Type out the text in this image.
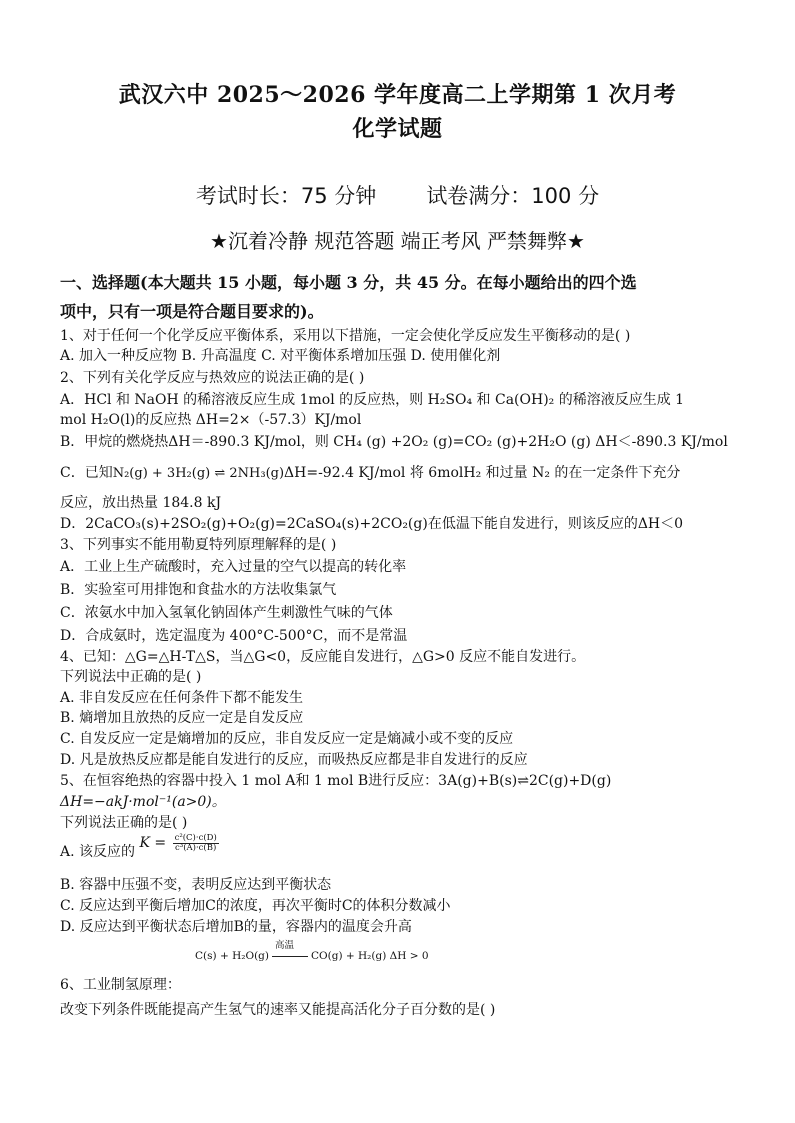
武汉六中 2025～2026 学年度高二上学期第 1 次月考
化学试题
考试时长：75 分钟 试卷满分：100 分
★沉着冷静 规范答题 端正考风 严禁舞弊★
一、选择题(本大题共 15 小题，每小题 3 分，共 45 分。在每小题给出的四个选
项中，只有一项是符合题目要求的)。
1、对于任何一个化学反应平衡体系，采用以下措施，一定会使化学反应发生平衡移动的是( )
A. 加入一种反应物 B. 升高温度 C. 对平衡体系增加压强 D. 使用催化剂
2、下列有关化学反应与热效应的说法正确的是( )
A．HCl 和 NaOH 的稀溶液反应生成 1mol 的反应热，则 H₂SO₄ 和 Ca(OH)₂ 的稀溶液反应生成 1
mol H₂O(l)的反应热 ΔH=2×（-57.3）KJ/mol
B．甲烷的燃烧热ΔH＝-890.3 KJ/mol，则 CH₄ (g) +2O₂ (g)=CO₂ (g)+2H₂O (g) ΔH＜-890.3 KJ/mol
C．已知N₂(g) + 3H₂(g) ⇌ 2NH₃(g)ΔH=-92.4 KJ/mol 将 6molH₂ 和过量 N₂ 的在一定条件下充分
反应，放出热量 184.8 kJ
D．2CaCO₃(s)+2SO₂(g)+O₂(g)=2CaSO₄(s)+2CO₂(g)在低温下能自发进行，则该反应的ΔH＜0
3、下列事实不能用勒夏特列原理解释的是( )
A．工业上生产硫酸时，充入过量的空气以提高的转化率
B．实验室可用排饱和食盐水的方法收集氯气
C．浓氨水中加入氢氧化钠固体产生刺激性气味的气体
D．合成氨时，选定温度为 400°C-500°C，而不是常温
4、已知：△G=△H-T△S，当△G<0，反应能自发进行，△G>0 反应不能自发进行。
下列说法中正确的是( )
A. 非自发反应在任何条件下都不能发生
B. 熵增加且放热的反应一定是自发反应
C. 自发反应一定是熵增加的反应，非自发反应一定是熵减小或不变的反应
D. 凡是放热反应都是能自发进行的反应，而吸热反应都是非自发进行的反应
5、在恒容绝热的容器中投入 1 mol A和 1 mol B进行反应：3A(g)+B(s)⇌2C(g)+D(g)
ΔH=−akJ·mol⁻¹(a>0)。
下列说法正确的是( )
A. 该反应的 $K = \frac{\text{c²(C)·c(D)}}{\text{c³(A)·c(B)}}$
B. 容器中压强不变，表明反应达到平衡状态
C. 反应达到平衡后增加C的浓度，再次平衡时C的体积分数减小
D. 反应达到平衡状态后增加B的量，容器内的温度会升高
高温
C(s) + H₂O(g)	CO(g) + H₂(g) ΔH > 0
6、工业制氢原理：
改变下列条件既能提高产生氢气的速率又能提高活化分子百分数的是( )
